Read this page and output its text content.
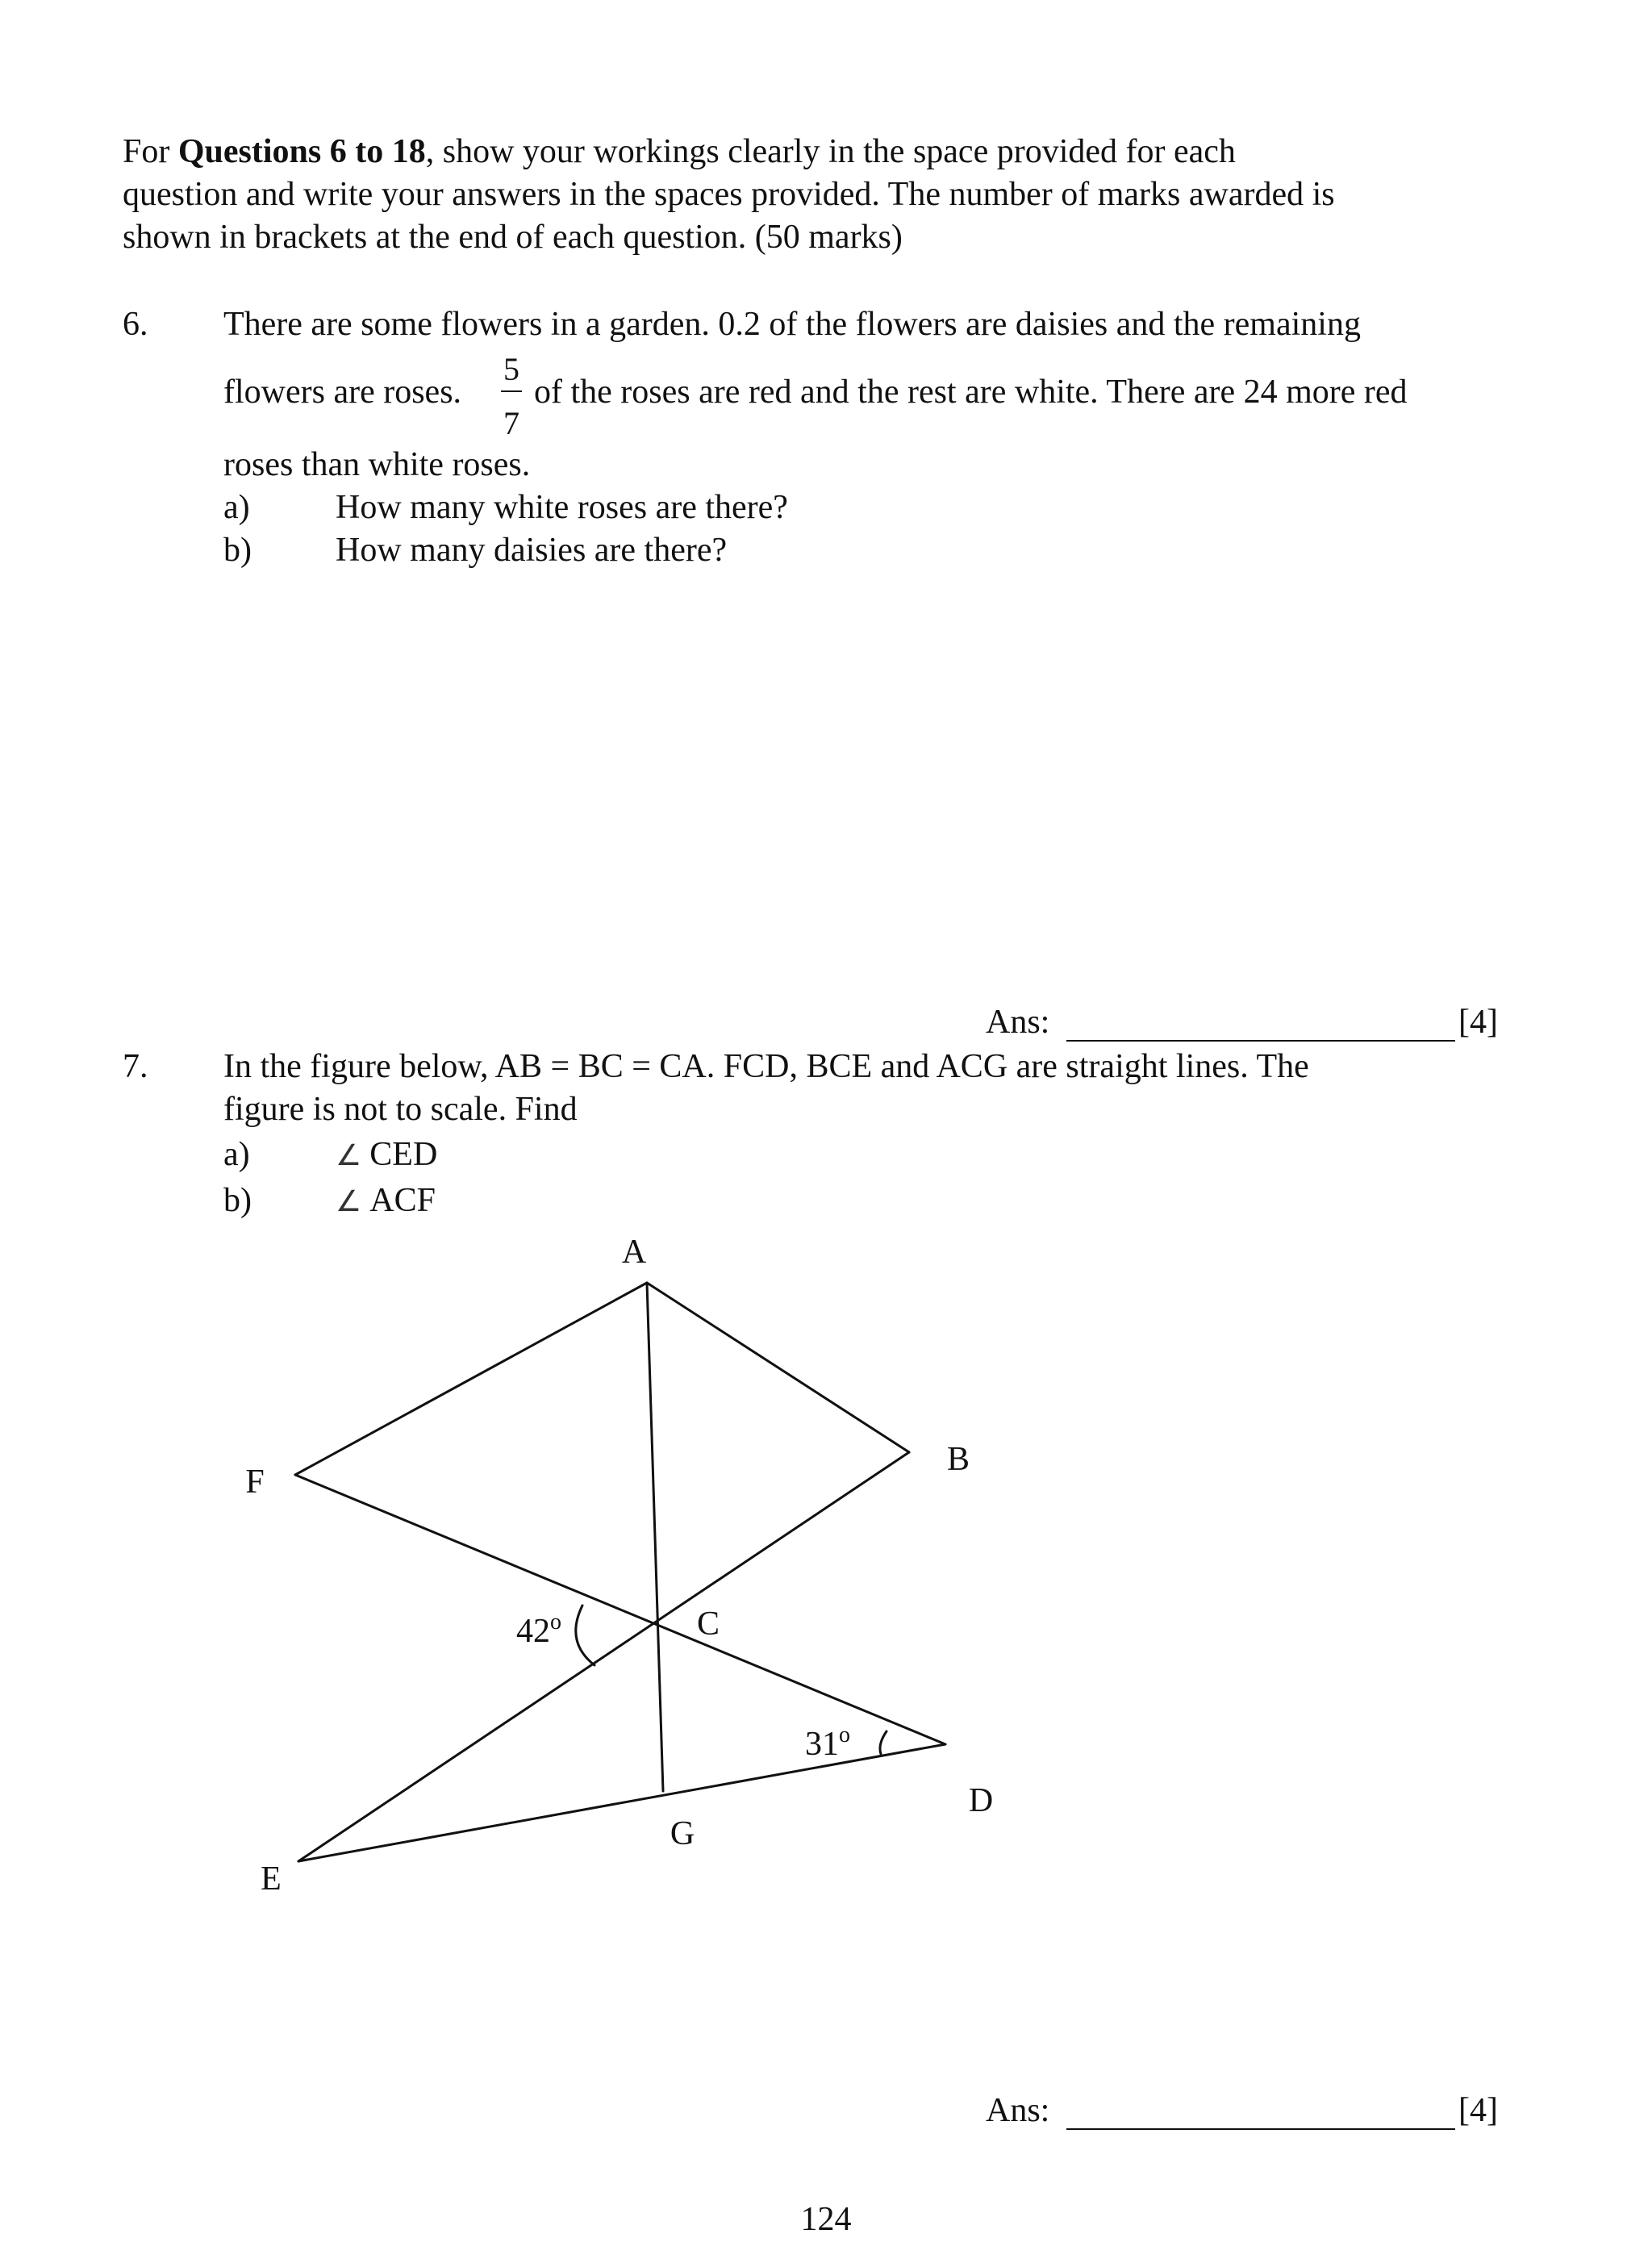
For Questions 6 to 18, show your workings clearly in the space provided for each
question and write your answers in the spaces provided. The number of marks awarded is
shown in brackets at the end of each question. (50 marks)
6. There are some flowers in a garden. 0.2 of the flowers are daisies and the remaining
flowers are roses.
5
7
of the roses are red and the rest are white. There are 24 more red
roses than white roses.
a)	How many white roses are there?
b) How many daisies are there?
Ans:	[4]
7. In the figure below, AB = BC = CA. FCD, BCE and ACG are straight lines. The
figure is not to scale. Find
a)	∠ CED
b)	∠ ACF
A
B
F
C
D
G
E
42$^o$
31$^o$
Ans:	[4]
124
